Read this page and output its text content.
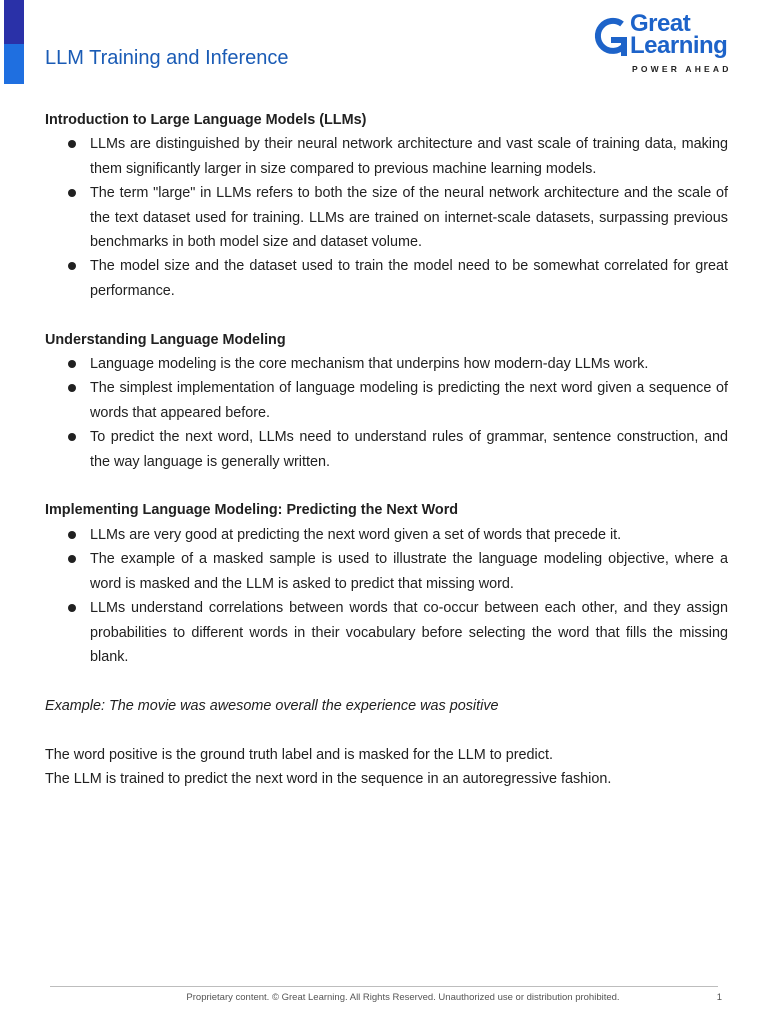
LLM Training and Inference
Great
Learning
POWER AHEAD

Introduction to Large Language Models (LLMs)

LLMs are distinguished by their neural network architecture and vast scale of training data, making them significantly larger in size compared to previous machine learning models.
The term "large" in LLMs refers to both the size of the neural network architecture and the scale of the text dataset used for training. LLMs are trained on internet-scale datasets, surpassing previous benchmarks in both model size and dataset volume.
The model size and the dataset used to train the model need to be somewhat correlated for great performance.

Understanding Language Modeling

Language modeling is the core mechanism that underpins how modern-day LLMs work.
The simplest implementation of language modeling is predicting the next word given a sequence of words that appeared before.
To predict the next word, LLMs need to understand rules of grammar, sentence construction, and the way language is generally written.

Implementing Language Modeling: Predicting the Next Word

LLMs are very good at predicting the next word given a set of words that precede it.
The example of a masked sample is used to illustrate the language modeling objective, where a word is masked and the LLM is asked to predict that missing word.
LLMs understand correlations between words that co-occur between each other, and they assign probabilities to different words in their vocabulary before selecting the word that fills the missing blank.

Example: The movie was awesome overall the experience was positive

The word positive is the ground truth label and is masked for the LLM to predict.

The LLM is trained to predict the next word in the sequence in an autoregressive fashion.

Proprietary content. © Great Learning. All Rights Reserved. Unauthorized use or distribution prohibited.	1
